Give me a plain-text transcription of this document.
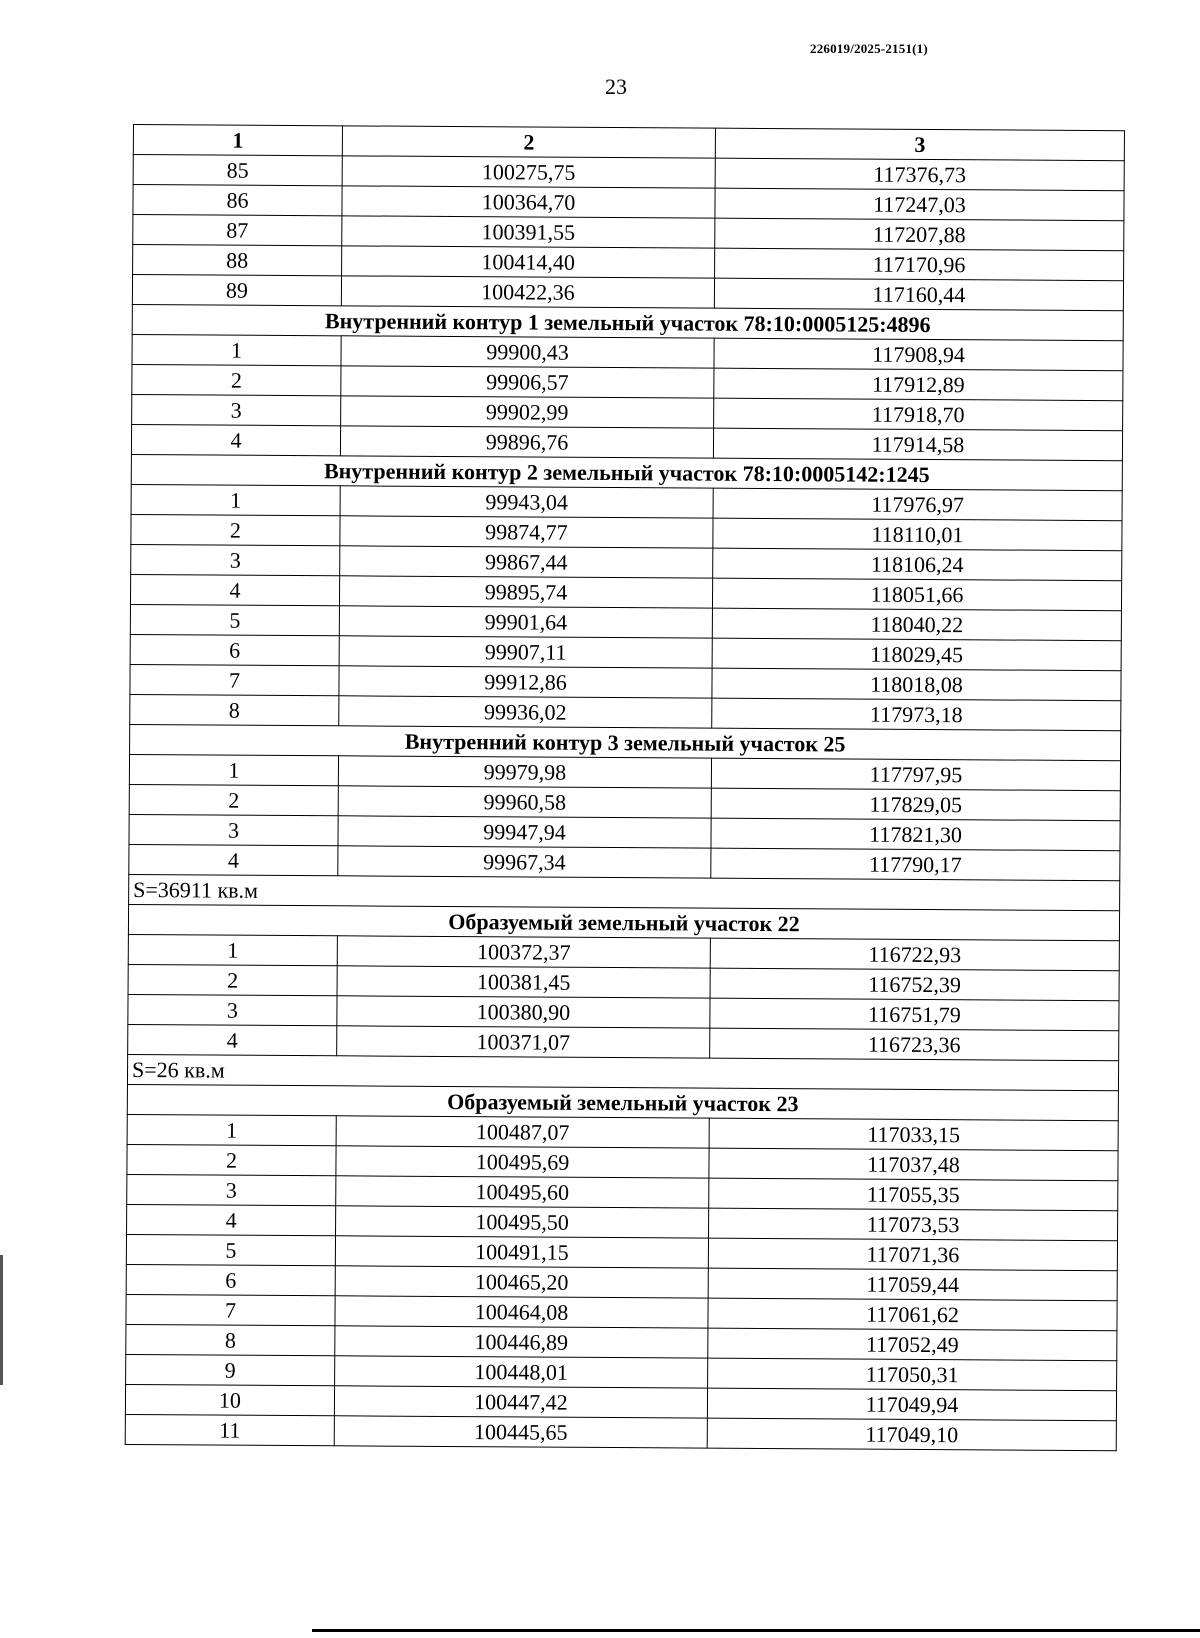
226019/2025-2151(1)
23
1	2	3
85	100275,75	117376,73
86	100364,70	117247,03
87	100391,55	117207,88
88	100414,40	117170,96
89	100422,36	117160,44
Внутренний контур 1 земельный участок 78:10:0005125:4896		
1	99900,43	117908,94
2	99906,57	117912,89
3	99902,99	117918,70
4	99896,76	117914,58
Внутренний контур 2 земельный участок 78:10:0005142:1245		
1	99943,04	117976,97
2	99874,77	118110,01
3	99867,44	118106,24
4	99895,74	118051,66
5	99901,64	118040,22
6	99907,11	118029,45
7	99912,86	118018,08
8	99936,02	117973,18
Внутренний контур 3 земельный участок 25		
1	99979,98	117797,95
2	99960,58	117829,05
3	99947,94	117821,30
4	99967,34	117790,17
S=36911 кв.м		
Образуемый земельный участок 22		
1	100372,37	116722,93
2	100381,45	116752,39
3	100380,90	116751,79
4	100371,07	116723,36
S=26 кв.м		
Образуемый земельный участок 23		
1	100487,07	117033,15
2	100495,69	117037,48
3	100495,60	117055,35
4	100495,50	117073,53
5	100491,15	117071,36
6	100465,20	117059,44
7	100464,08	117061,62
8	100446,89	117052,49
9	100448,01	117050,31
10	100447,42	117049,94
11	100445,65	117049,10
